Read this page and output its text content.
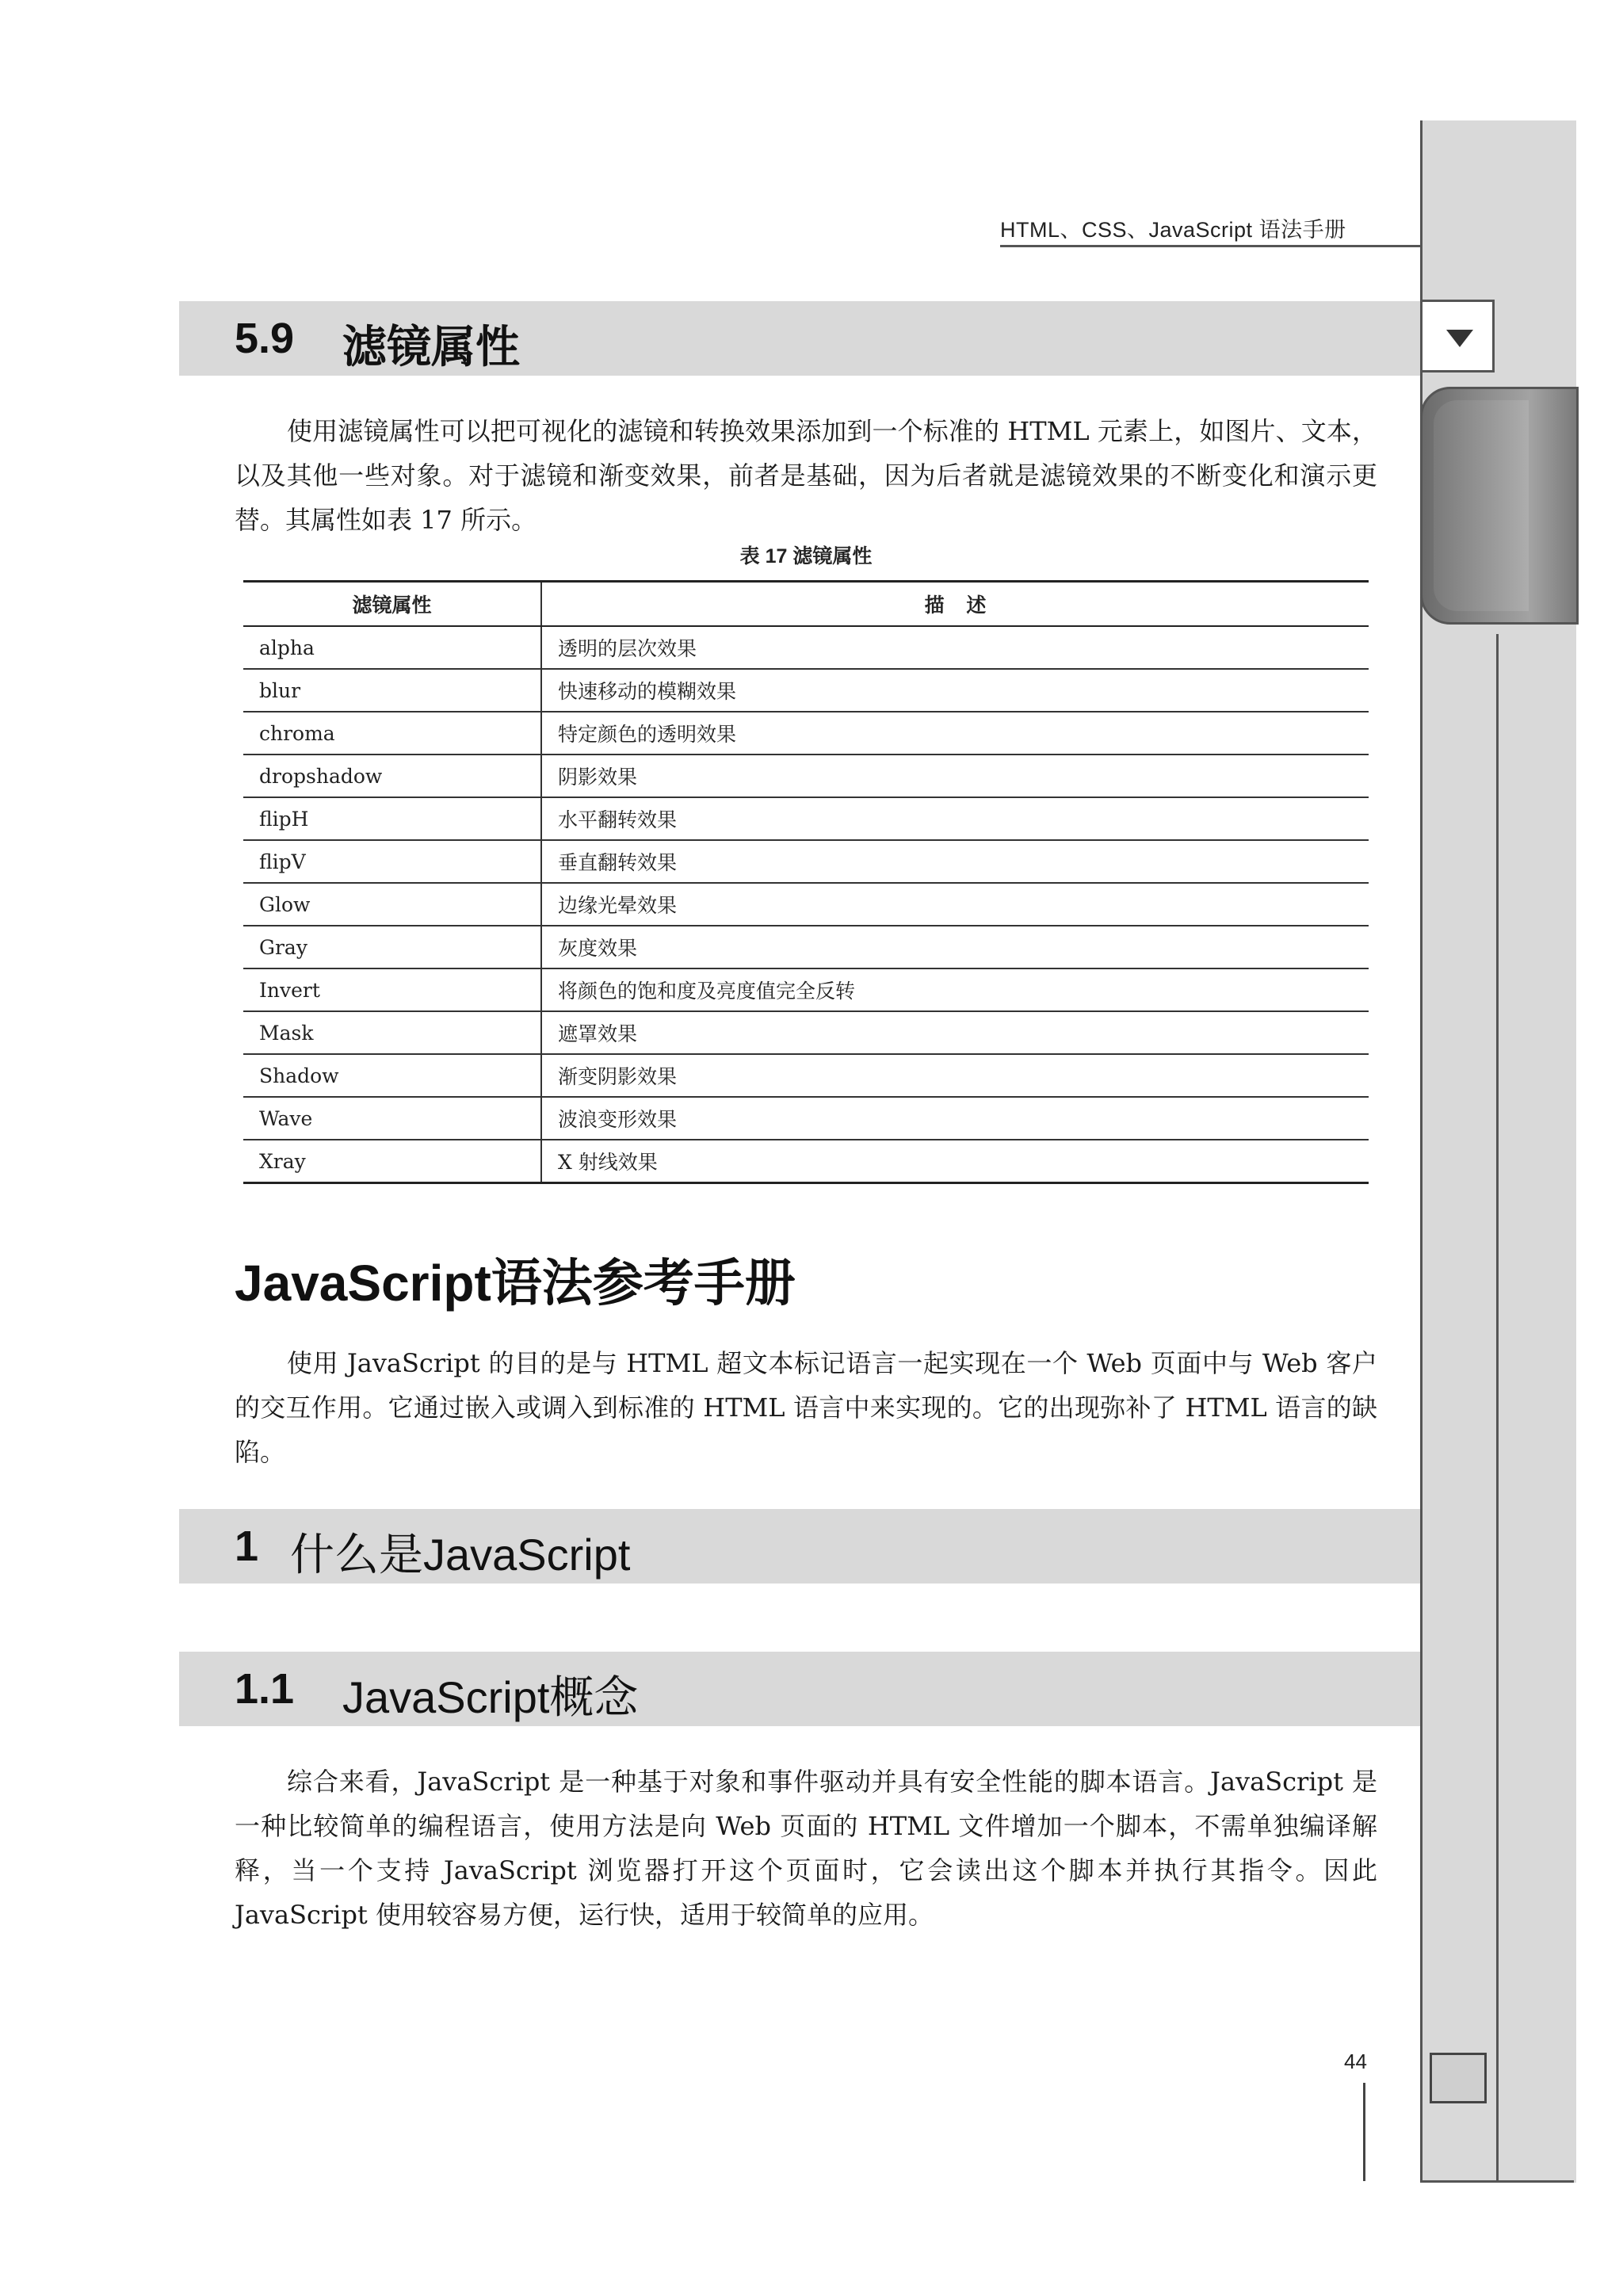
HTML、CSS、JavaScript 语法手册
5.9 滤镜属性
使用滤镜属性可以把可视化的滤镜和转换效果添加到一个标准的 HTML 元素上，如图片、文本，以及其他一些对象。对于滤镜和渐变效果，前者是基础，因为后者就是滤镜效果的不断变化和演示更替。其属性如表 17 所示。
表 17 滤镜属性
滤镜属性	描    述
alpha	透明的层次效果
blur	快速移动的模糊效果
chroma	特定颜色的透明效果
dropshadow	阴影效果
flipH	水平翻转效果
flipV	垂直翻转效果
Glow	边缘光晕效果
Gray	灰度效果
Invert	将颜色的饱和度及亮度值完全反转
Mask	遮罩效果
Shadow	渐变阴影效果
Wave	波浪变形效果
Xray	X 射线效果
JavaScript语法参考手册
使用 JavaScript 的目的是与 HTML 超文本标记语言一起实现在一个 Web 页面中与 Web 客户的交互作用。它通过嵌入或调入到标准的 HTML 语言中来实现的。它的出现弥补了 HTML 语言的缺陷。
1 什么是JavaScript
1.1 JavaScript概念
综合来看，JavaScript 是一种基于对象和事件驱动并具有安全性能的脚本语言。JavaScript 是一种比较简单的编程语言，使用方法是向 Web 页面的 HTML 文件增加一个脚本，不需单独编译解释，当一个支持 JavaScript 浏览器打开这个页面时，它会读出这个脚本并执行其指令。因此 JavaScript 使用较容易方便，运行快，适用于较简单的应用。
44
